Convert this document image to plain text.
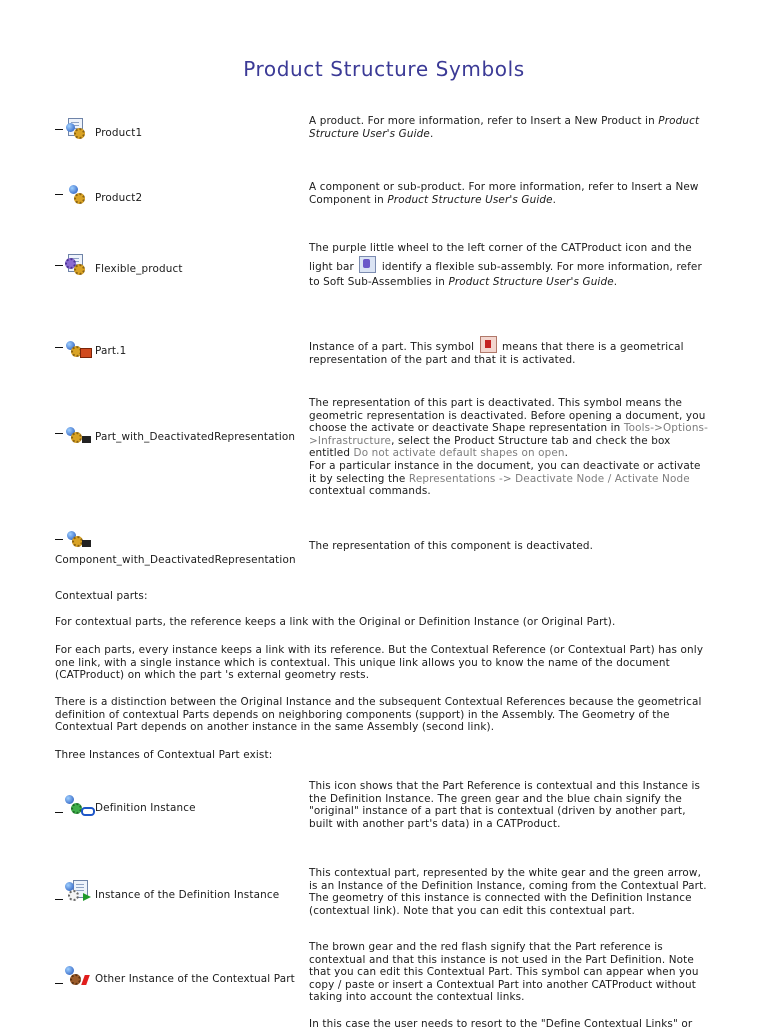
Product Structure Symbols
Product1
A product. For more information, refer to Insert a New Product in Product Structure User's Guide.
Product2
A component or sub-product. For more information, refer to Insert a New Component in Product Structure User's Guide.
Flexible_product
The purple little wheel to the left corner of the CATProduct icon and the light bar	identify a flexible sub-assembly. For more information, refer to Soft Sub-Assemblies in Product Structure User's Guide.
Part.1	Instance of a part. This symbol	means that there is a geometrical representation of the part and that it is activated.
Part_with_DeactivatedRepresentation
The representation of this part is deactivated. This symbol means the geometric representation is deactivated. Before opening a document, you choose the activate or deactivate Shape representation in Tools->Options->Infrastructure, select the Product Structure tab and check the box entitled Do not activate default shapes on open.
For a particular instance in the document, you can deactivate or activate it by selecting the Representations -> Deactivate Node / Activate Node contextual commands.
Component_with_DeactivatedRepresentation
The representation of this component is deactivated.
Contextual parts:
For contextual parts, the reference keeps a link with the Original or Definition Instance (or Original Part).
For each parts, every instance keeps a link with its reference. But the Contextual Reference (or Contextual Part) has only one link, with a single instance which is contextual. This unique link allows you to know the name of the document (CATProduct) on which the part 's external geometry rests.
There is a distinction between the Original Instance and the subsequent Contextual References because the geometrical definition of contextual Parts depends on neighboring components (support) in the Assembly. The Geometry of the Contextual Part depends on another instance in the same Assembly (second link).
Three Instances of Contextual Part exist:
Definition Instance
This icon shows that the Part Reference is contextual and this Instance is the Definition Instance. The green gear and the blue chain signify the "original" instance of a part that is contextual (driven by another part, built with another part's data) in a CATProduct.
Instance of the Definition Instance
This contextual part, represented by the white gear and the green arrow, is an Instance of the Definition Instance, coming from the Contextual Part. The geometry of this instance is connected with the Definition Instance (contextual link). Note that you can edit this contextual part.
Other Instance of the Contextual Part
The brown gear and the red flash signify that the Part reference is contextual and that this instance is not used in the Part Definition. Note that you can edit this Contextual Part. This symbol can appear when you copy / paste or insert a Contextual Part into another CATProduct without taking into account the contextual links.
In this case the user needs to resort to the "Define Contextual Links" or
